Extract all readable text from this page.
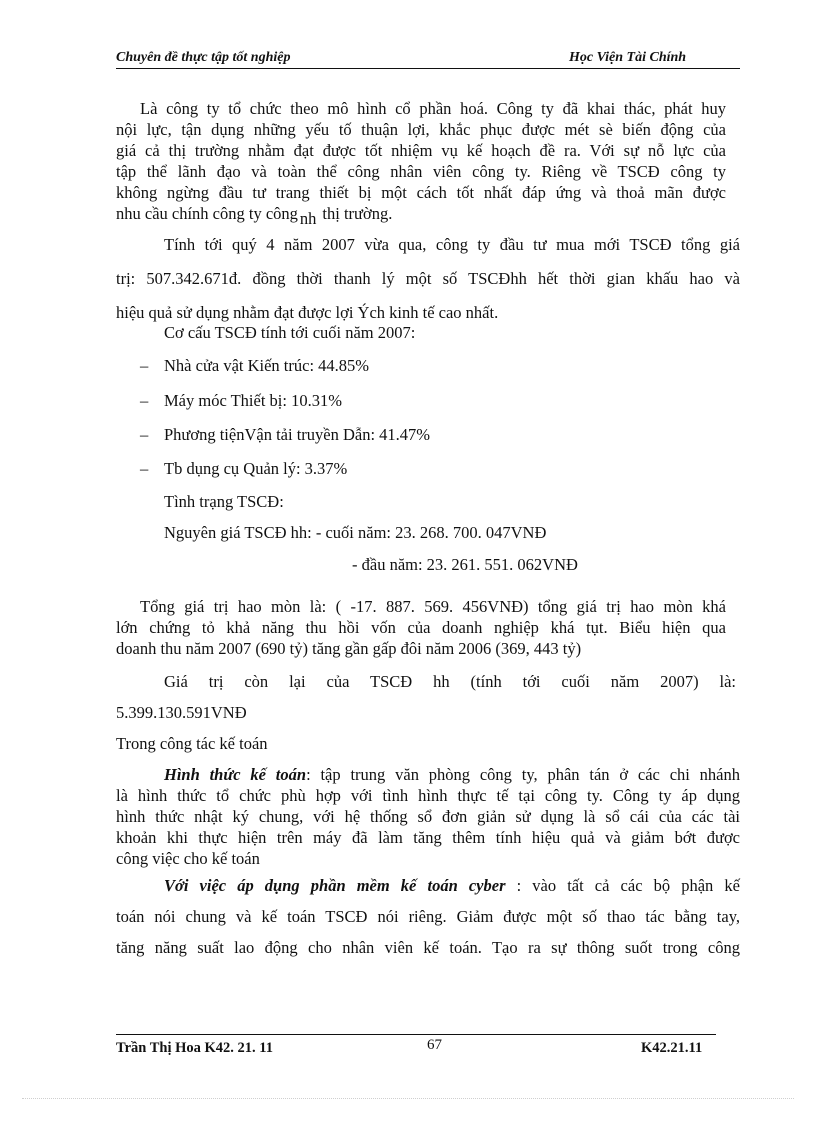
Chuyên đề thực tập tốt nghiệp	Học Viện Tài Chính
Là công ty tổ chức theo mô hình cổ phần hoá. Công ty đã khai thác, phát huy
nội lực, tận dụng những yếu tố thuận lợi, khắc phục được mét sè biến động của
giá cả thị trường nhằm đạt được tốt nhiệm vụ kế hoạch đề ra. Với sự nỗ lực của
tập thể lãnh đạo và toàn thể công nhân viên công ty. Riêng về TSCĐ công ty
không ngừng đầu tư trang thiết bị một cách tốt nhất đáp ứng và thoả mãn được
nhu cầu chính công ty công nh thị trường.
Tính tới quý 4 năm 2007 vừa qua, công ty đầu tư mua mới TSCĐ tổng giá
trị: 507.342.671đ. đồng thời thanh lý một số TSCĐhh hết thời gian khấu hao và
hiệu quả sử dụng nhằm đạt được lợi Ých kinh tế cao nhất.
Cơ cấu TSCĐ tính tới cuối năm 2007:
– Nhà cửa vật Kiến trúc: 44.85%
– Máy móc Thiết bị: 10.31%
– Phương tiệnVận tải truyền Dẫn: 41.47%
– Tb dụng cụ Quản lý: 3.37%
Tình trạng TSCĐ:
Nguyên giá TSCĐ hh: - cuối năm: 23. 268. 700. 047VNĐ
- đầu năm: 23. 261. 551. 062VNĐ
Tổng giá trị hao mòn là: ( -17. 887. 569. 456VNĐ) tổng giá trị hao mòn khá
lớn chứng tỏ khả năng thu hồi vốn của doanh nghiệp khá tụt. Biểu hiện qua
doanh thu năm 2007 (690 tỷ) tăng gần gấp đôi năm 2006 (369, 443 tỷ)
Giá trị còn lại của TSCĐ hh (tính tới cuối năm 2007) là:
5.399.130.591VNĐ
Trong công tác kế toán
Hình thức kế toán: tập trung văn phòng công ty, phân tán ở các chi nhánh
là hình thức tổ chức phù hợp với tình hình thực tế tại công ty. Công ty áp dụng
hình thức nhật ký chung, với hệ thống sổ đơn giản sử dụng là sổ cái của các tài
khoản khi thực hiện trên máy đã làm tăng thêm tính hiệu quả và giảm bớt được
công việc cho kế toán
Với việc áp dụng phần mềm kế toán cyber : vào tất cả các bộ phận kế
toán nói chung và kế toán TSCĐ nói riêng. Giảm được một số thao tác bằng tay,
tăng năng suất lao động cho nhân viên kế toán. Tạo ra sự thông suốt trong công
Trần Thị Hoa K42. 21. 11	67	K42.21.11
